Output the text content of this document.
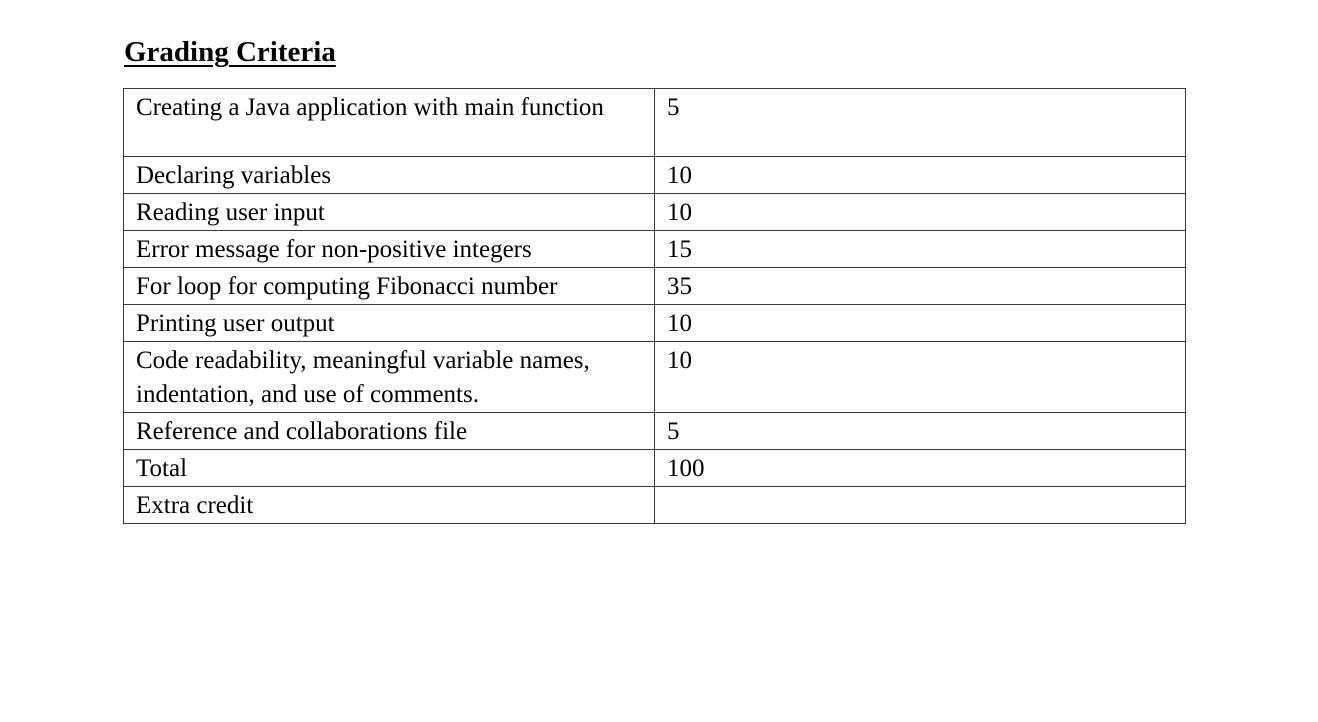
Grading Criteria
Creating a Java application with main function	5
Declaring variables	10
Reading user input	10
Error message for non-positive integers	15
For loop for computing Fibonacci number	35
Printing user output	10
Code readability, meaningful variable names, indentation, and use of comments.	10
Reference and collaborations file	5
Total	100
Extra credit	
